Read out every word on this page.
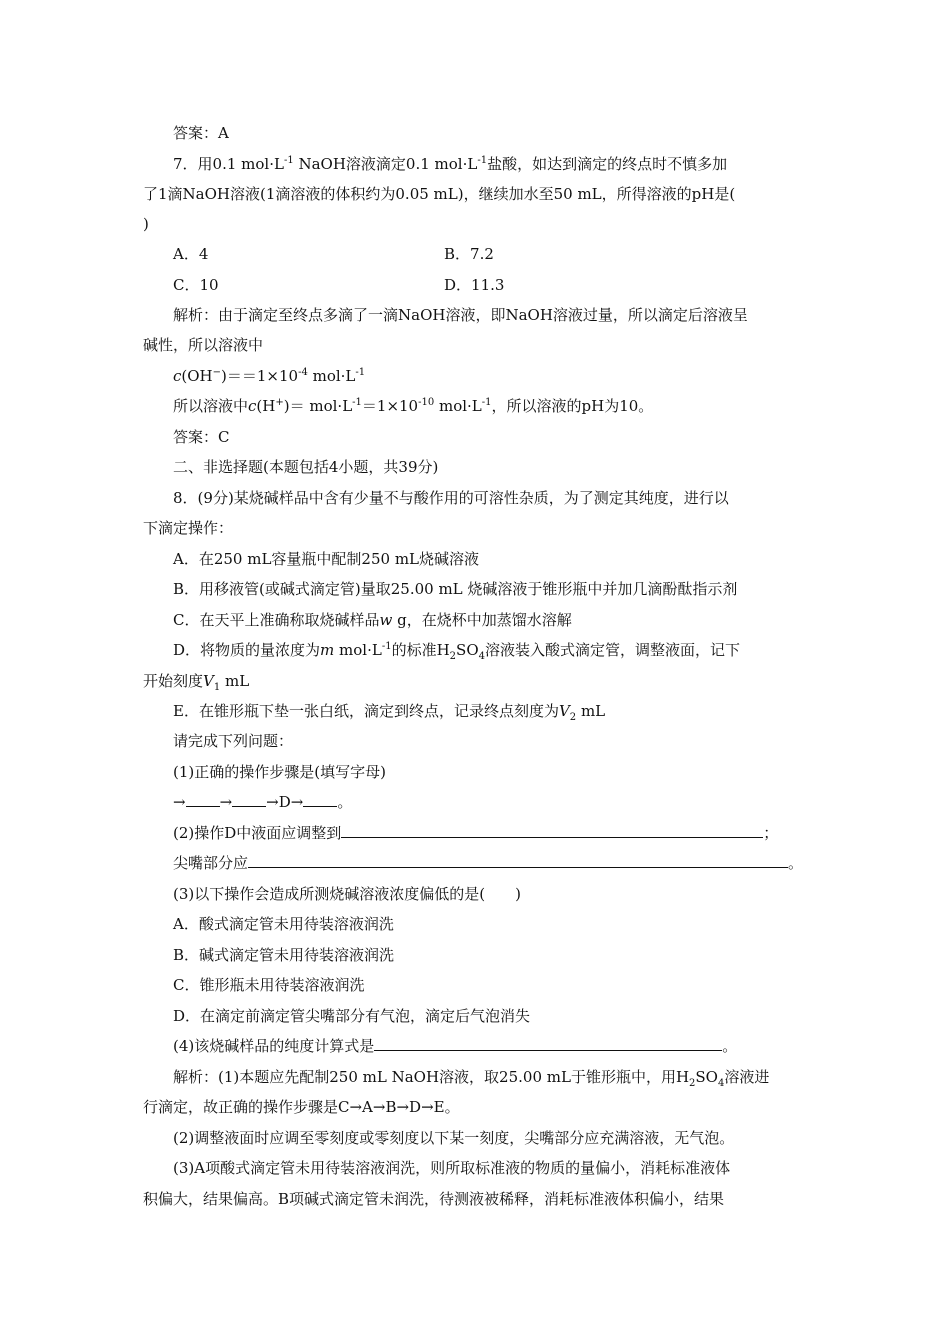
答案：A
7．用0.1 $mol\cdot L^{-1}$ NaOH溶液滴定0.1 $mol\cdot L^{-1}$盐酸，如达到滴定的终点时不慎多加
了1滴NaOH溶液(1滴溶液的体积约为0.05 mL)，继续加水至50 mL，所得溶液的pH是(
)
A．4	B．7.2
C．10	D．11.3
解析：由于滴定至终点多滴了一滴NaOH溶液，即NaOH溶液过量，所以滴定后溶液呈
碱性，所以溶液中
$c(OH^-)==1\times 10^{-4}$ $mol\cdot L^{-1}$
所以溶液中$c(H^+)= mol\cdot L^{-1}=1\times 10^{-10}$ $mol\cdot L^{-1}$，所以溶液的pH为10。
答案：C
二、非选择题(本题包括4小题，共39分)
8．(9分)某烧碱样品中含有少量不与酸作用的可溶性杂质，为了测定其纯度，进行以
下滴定操作：
A．在250 mL容量瓶中配制250 mL烧碱溶液
B．用移液管(或碱式滴定管)量取25.00 mL 烧碱溶液于锥形瓶中并加几滴酚酞指示剂
C．在天平上准确称取烧碱样品w g，在烧杯中加蒸馏水溶解
D．将物质的量浓度为m $mol\cdot L^{-1}$的标准$H_2SO_4$溶液装入酸式滴定管，调整液面，记下
开始刻度$V_1$ mL
E．在锥形瓶下垫一张白纸，滴定到终点，记录终点刻度为$V_2$ mL
请完成下列问题：
(1)正确的操作步骤是(填写字母)
→ → →D→ 。
(2)操作D中液面应调整到	；
尖嘴部分应	。
(3)以下操作会造成所测烧碱溶液浓度偏低的是(　　)
A．酸式滴定管未用待装溶液润洗
B．碱式滴定管未用待装溶液润洗
C．锥形瓶未用待装溶液润洗
D．在滴定前滴定管尖嘴部分有气泡，滴定后气泡消失
(4)该烧碱样品的纯度计算式是	。
解析：(1)本题应先配制250 mL NaOH溶液，取25.00 mL于锥形瓶中，用$H_2SO_4$溶液进
行滴定，故正确的操作步骤是C→A→B→D→E。
(2)调整液面时应调至零刻度或零刻度以下某一刻度，尖嘴部分应充满溶液，无气泡。
(3)A项酸式滴定管未用待装溶液润洗，则所取标准液的物质的量偏小，消耗标准液体
积偏大，结果偏高。B项碱式滴定管未润洗，待测液被稀释，消耗标准液体积偏小，结果
